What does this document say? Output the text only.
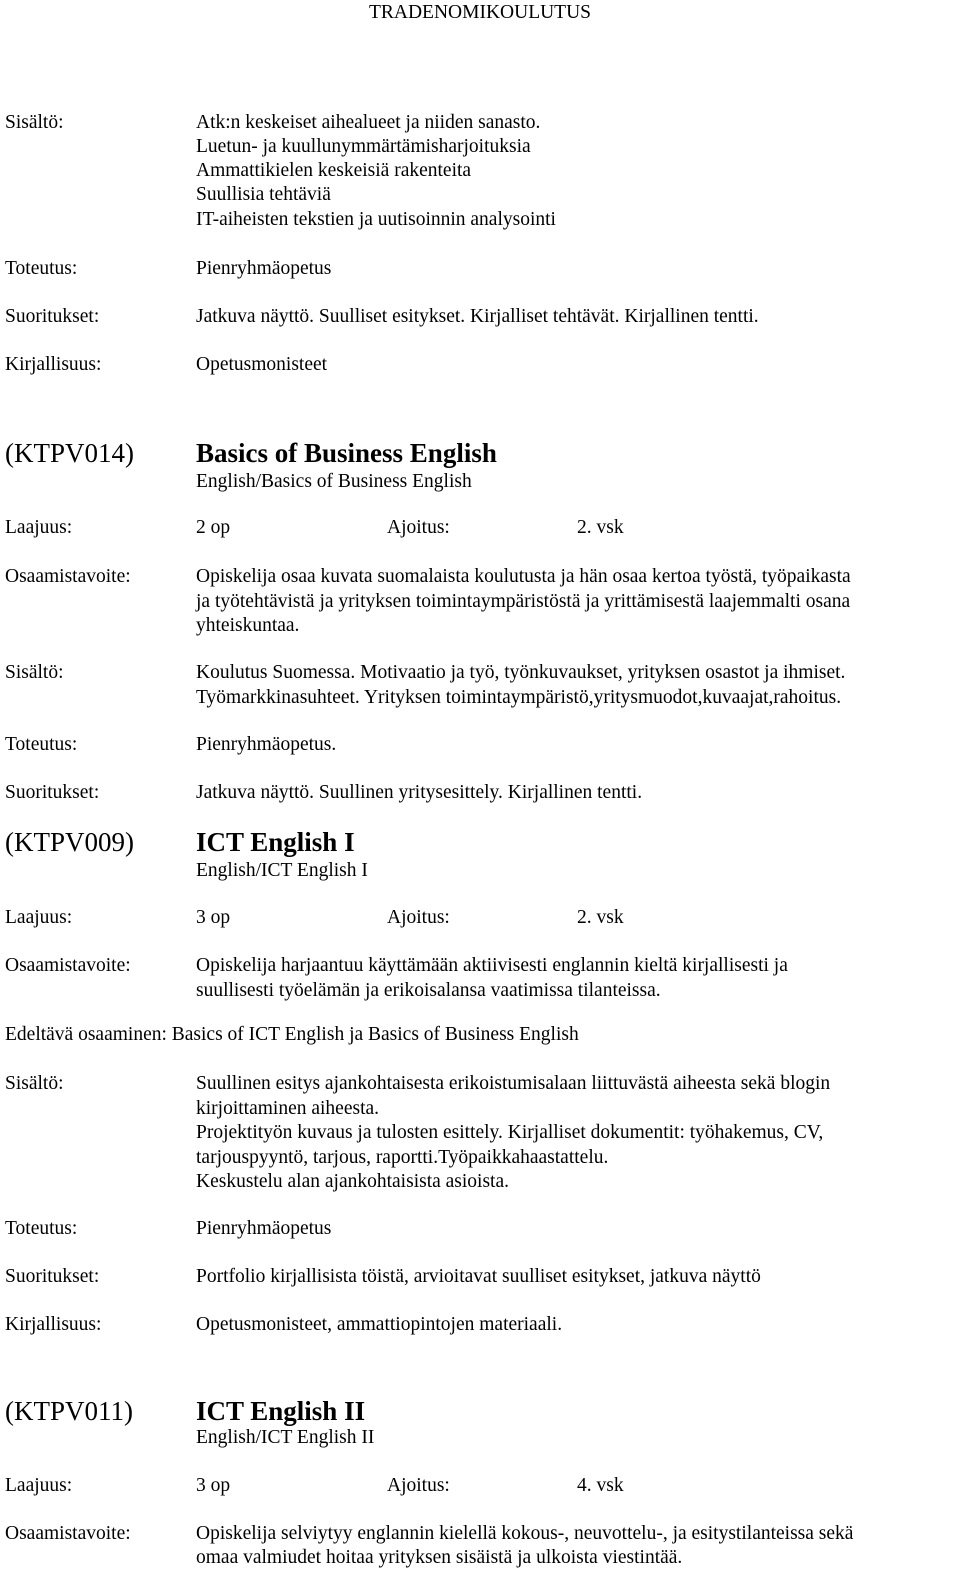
TRADENOMIKOULUTUS
Sisältö:	Atk:n keskeiset aihealueet ja niiden sanasto.
Luetun- ja kuullunymmärtämisharjoituksia
Ammattikielen keskeisiä rakenteita
Suullisia tehtäviä
IT-aiheisten tekstien ja uutisoinnin analysointi
Toteutus:	Pienryhmäopetus
Suoritukset:	Jatkuva näyttö. Suulliset esitykset. Kirjalliset tehtävät. Kirjallinen tentti.
Kirjallisuus:	Opetusmonisteet
(KTPV014) Basics of Business English
English/Basics of Business English
Laajuus:	2 op	Ajoitus:	2. vsk
Osaamistavoite:	Opiskelija osaa kuvata suomalaista koulutusta ja hän osaa kertoa työstä, työpaikasta
ja työtehtävistä ja yrityksen toimintaympäristöstä ja yrittämisestä laajemmalti osana
yhteiskuntaa.
Sisältö:	Koulutus Suomessa. Motivaatio ja työ, työnkuvaukset, yrityksen osastot ja ihmiset.
Työmarkkinasuhteet. Yrityksen toimintaympäristö,yritysmuodot,kuvaajat,rahoitus.
Toteutus:	Pienryhmäopetus.
Suoritukset:	Jatkuva näyttö. Suullinen yritysesittely. Kirjallinen tentti.
(KTPV009) ICT English I
English/ICT English I
Laajuus:	3 op	Ajoitus:	2. vsk
Osaamistavoite:	Opiskelija harjaantuu käyttämään aktiivisesti englannin kieltä kirjallisesti ja
suullisesti työelämän ja erikoisalansa vaatimissa tilanteissa.
Edeltävä osaaminen: Basics of ICT English ja Basics of Business English
Sisältö:	Suullinen esitys ajankohtaisesta erikoistumisalaan liittuvästä aiheesta sekä blogin
kirjoittaminen aiheesta.
Projektityön kuvaus ja tulosten esittely. Kirjalliset dokumentit: työhakemus, CV,
tarjouspyyntö, tarjous, raportti.Työpaikkahaastattelu.
Keskustelu alan ajankohtaisista asioista.
Toteutus:	Pienryhmäopetus
Suoritukset:	Portfolio kirjallisista töistä, arvioitavat suulliset esitykset, jatkuva näyttö
Kirjallisuus:	Opetusmonisteet, ammattiopintojen materiaali.
(KTPV011) ICT English II
English/ICT English II
Laajuus:	3 op	Ajoitus:	4. vsk
Osaamistavoite:	Opiskelija selviytyy englannin kielellä kokous-, neuvottelu-, ja esitystilanteissa sekä
omaa valmiudet hoitaa yrityksen sisäistä ja ulkoista viestintää.
